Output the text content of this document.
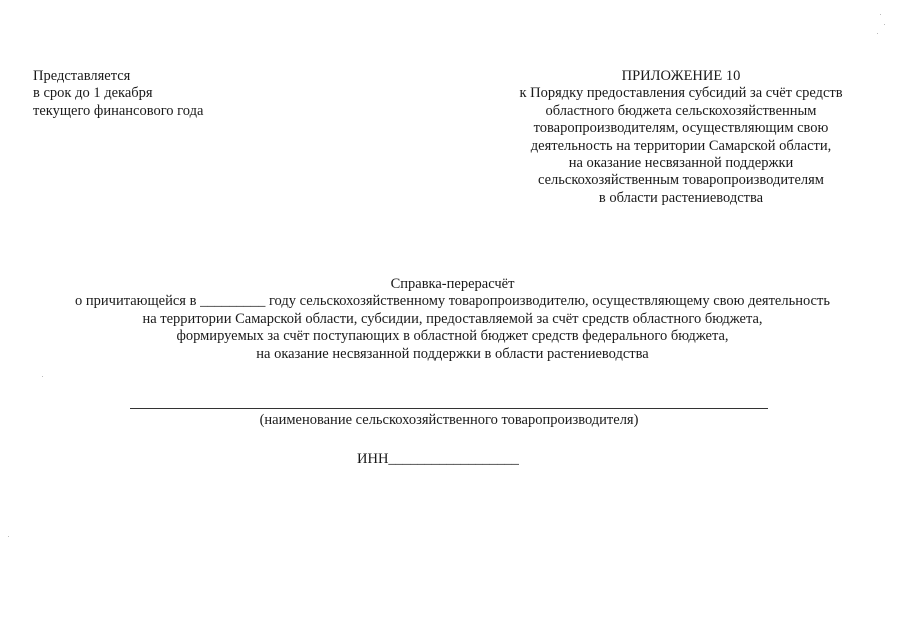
Представляется
в срок до 1 декабря
текущего финансового года
ПРИЛОЖЕНИЕ 10
к Порядку предоставления субсидий за счёт средств
областного бюджета сельскохозяйственным
товаропроизводителям, осуществляющим свою
деятельность на территории Самарской области,
на оказание несвязанной поддержки
сельскохозяйственным товаропроизводителям
в области растениеводства
Справка-перерасчёт
о причитающейся в _________ году сельскохозяйственному товаропроизводителю, осуществляющему свою деятельность
на территории Самарской области, субсидии, предоставляемой за счёт средств областного бюджета,
формируемых за счёт поступающих в областной бюджет средств федерального бюджета,
на оказание несвязанной поддержки в области растениеводства
(наименование сельскохозяйственного товаропроизводителя)
ИНН__________________
